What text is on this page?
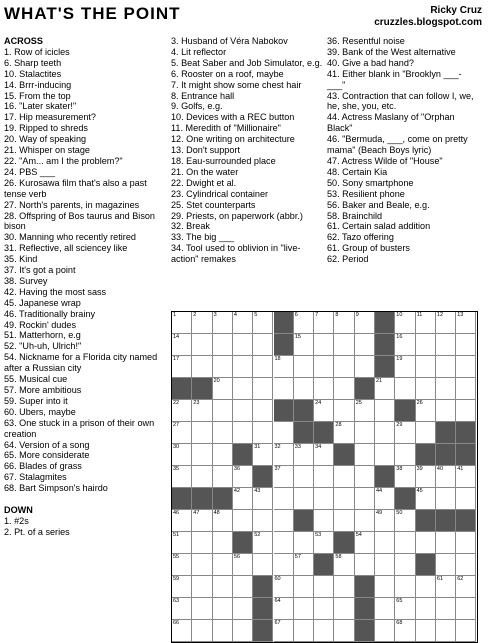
WHAT'S THE POINT	Ricky Cruz
cruzzles.blogspot.com
ACROSS
1. Row of icicles
6. Sharp teeth
10. Stalactites
14. Brrr-inducing
15. From the top
16. "Later skater!"
17. Hip measurement?
19. Ripped to shreds
20. Way of speaking
21. Whisper on stage
22. "Am... am I the problem?"
24. PBS ___
26. Kurosawa film that's also a past tense verb
27. North's parents, in magazines
28. Offspring of Bos taurus and Bison bison
30. Manning who recently retired
31. Reflective, all sciencey like
35. Kind
37. It's got a point
38. Survey
42. Having the most sass
45. Japanese wrap
46. Traditionally brainy
49. Rockin' dudes
51. Matterhorn, e.g
52. "Uh-uh, Ulrich!"
54. Nickname for a Florida city named after a Russian city
55. Musical cue
57. More ambitious
59. Super into it
60. Ubers, maybe
63. One stuck in a prison of their own creation
64. Version of a song
65. More considerate
66. Blades of grass
67. Stalagmites
68. Bart Simpson's hairdo
DOWN
1. #2s
2. Pt. of a series
3. Husband of Véra Nabokov
4. Lit reflector
5. Beat Saber and Job Simulator, e.g.
6. Rooster on a roof, maybe
7. It might show some chest hair
8. Entrance hall
9. Golfs, e.g.
10. Devices with a REC button
11. Meredith of "Millionaire"
12. One writing on architecture
13. Don't support
18. Eau-surrounded place
21. On the water
22. Dwight et al.
23. Cylindrical container
25. Stet counterparts
29. Priests, on paperwork (abbr.)
32. Break
33. The big ___
34. Tool used to oblivion in "live-action" remakes
36. Resentful noise
39. Bank of the West alternative
40. Give a bad hand?
41. Either blank in "Brooklyn ___-___"
43. Contraction that can follow I, we, he, she, you, etc.
44. Actress Maslany of "Orphan Black"
46. "Bermuda, ___, come on pretty mama" (Beach Boys lyric)
47. Actress Wilde of "House"
48. Certain Kia
50. Sony smartphone
53. Resilient phone
56. Baker and Beale, e.g.
58. Brainchild
61. Certain salad addition
62. Tazo offering
61. Group of busters
62. Period
1	2	3	4	5	6	7	8	9	10	11	12	13
14	15	16
17	18	19
20	21
22	23	24	25	26
27	28	29
30	31	32	33	34
35	36	37	38	39	40	41
42	43	44	45
46	47	48	49	50
51	52	53	54
55	56	57	58
59	60	61	62
63	64	65
66	67	68
